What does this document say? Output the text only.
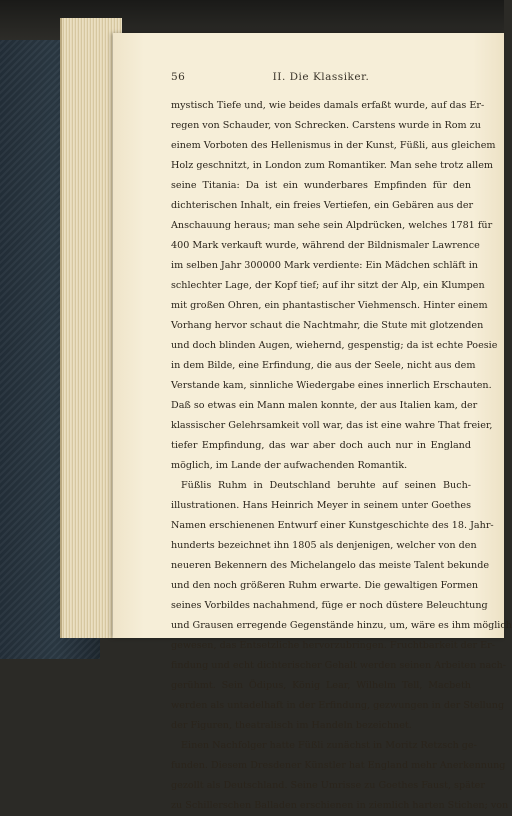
56	II. Die Klassiker.
mystisch Tiefe und, wie beides damals erfaßt wurde, auf das Er-
regen von Schauder, von Schrecken. Carstens wurde in Rom zu
einem Vorboten des Hellenismus in der Kunst, Füßli, aus gleichem
Holz geschnitzt, in London zum Romantiker. Man sehe trotz allem
seine Titania: Da ist ein wunderbares Empfinden für den
dichterischen Inhalt, ein freies Vertiefen, ein Gebären aus der
Anschauung heraus; man sehe sein Alpdrücken, welches 1781 für
400 Mark verkauft wurde, während der Bildnismaler Lawrence
im selben Jahr 300000 Mark verdiente: Ein Mädchen schläft in
schlechter Lage, der Kopf tief; auf ihr sitzt der Alp, ein Klumpen
mit großen Ohren, ein phantastischer Viehmensch. Hinter einem
Vorhang hervor schaut die Nachtmahr, die Stute mit glotzenden
und doch blinden Augen, wiehernd, gespenstig; da ist echte Poesie
in dem Bilde, eine Erfindung, die aus der Seele, nicht aus dem
Verstande kam, sinnliche Wiedergabe eines innerlich Erschauten.
Daß so etwas ein Mann malen konnte, der aus Italien kam, der
klassischer Gelehrsamkeit voll war, das ist eine wahre That freier,
tiefer Empfindung, das war aber doch auch nur in England
möglich, im Lande der aufwachenden Romantik.
Füßlis Ruhm in Deutschland beruhte auf seinen Buch-
illustrationen. Hans Heinrich Meyer in seinem unter Goethes
Namen erschienenen Entwurf einer Kunstgeschichte des 18. Jahr-
hunderts bezeichnet ihn 1805 als denjenigen, welcher von den
neueren Bekennern des Michelangelo das meiste Talent bekunde
und den noch größeren Ruhm erwarte. Die gewaltigen Formen
seines Vorbildes nachahmend, füge er noch düstere Beleuchtung
und Grausen erregende Gegenstände hinzu, um, wäre es ihm möglich
gewesen, das Entsetzliche hervorzubringen. Fruchtbarkeit der Er-
findung und echt dichterischer Gehalt werden seinen Arbeiten nach-
gerühmt. Sein Ödipus, König Lear, Wilhelm Tell, Macbeth
werden als untadelhaft in der Erfindung, gezwungen in der Stellung
der Figuren, theatralisch im Handeln bezeichnet.
Einen Nachfolger hatte Füßli zunächst in Moritz Retzsch ge-
funden. Diesem Dresdener Künstler hat England mehr Anerkennung
gezollt als Deutschland. Seine Umrisse zu Goethes Faust, später
zu Schillerschen Balladen erschienen in ziemlich harten Stichen; von
